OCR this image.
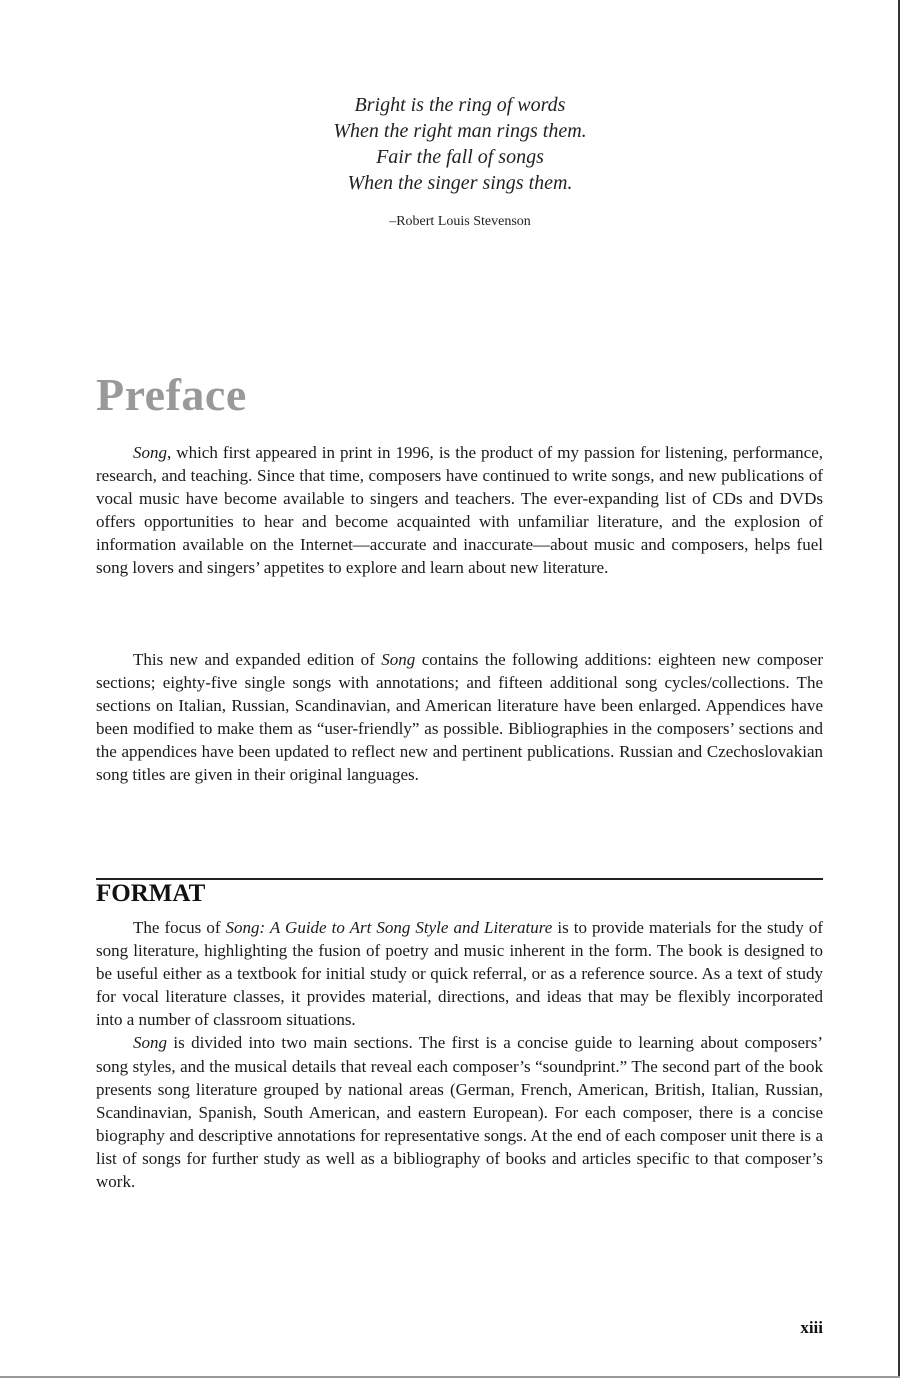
Bright is the ring of words
When the right man rings them.
Fair the fall of songs
When the singer sings them.
–Robert Louis Stevenson
Preface

Song, which first appeared in print in 1996, is the product of my passion for listening, performance, research, and teaching. Since that time, composers have continued to write songs, and new publications of vocal music have become available to singers and teachers. The ever-expanding list of CDs and DVDs offers opportunities to hear and become acquainted with unfamiliar literature, and the explosion of information available on the Internet—accurate and inaccurate—about music and composers, helps fuel song lovers and singers’ appetites to explore and learn about new literature.

This new and expanded edition of Song contains the following additions: eighteen new composer sections; eighty-five single songs with annotations; and fifteen additional song cycles/collections. The sections on Italian, Russian, Scandinavian, and American literature have been enlarged. Appendices have been modified to make them as “user-friendly” as possible. Bibliographies in the composers’ sections and the appendices have been updated to reflect new and pertinent publications. Russian and Czechoslovakian song titles are given in their original languages.

FORMAT

The focus of Song: A Guide to Art Song Style and Literature is to provide materials for the study of song literature, highlighting the fusion of poetry and music inherent in the form. The book is designed to be useful either as a textbook for initial study or quick referral, or as a reference source. As a text of study for vocal literature classes, it provides material, directions, and ideas that may be flexibly incorporated into a number of classroom situations.

Song is divided into two main sections. The first is a concise guide to learning about composers’ song styles, and the musical details that reveal each composer’s “soundprint.” The second part of the book presents song literature grouped by national areas (German, French, American, British, Italian, Russian, Scandinavian, Spanish, South American, and eastern European). For each composer, there is a concise biography and descriptive annotations for representative songs. At the end of each composer unit there is a list of songs for further study as well as a bibliography of books and articles specific to that composer’s work.

xiii
